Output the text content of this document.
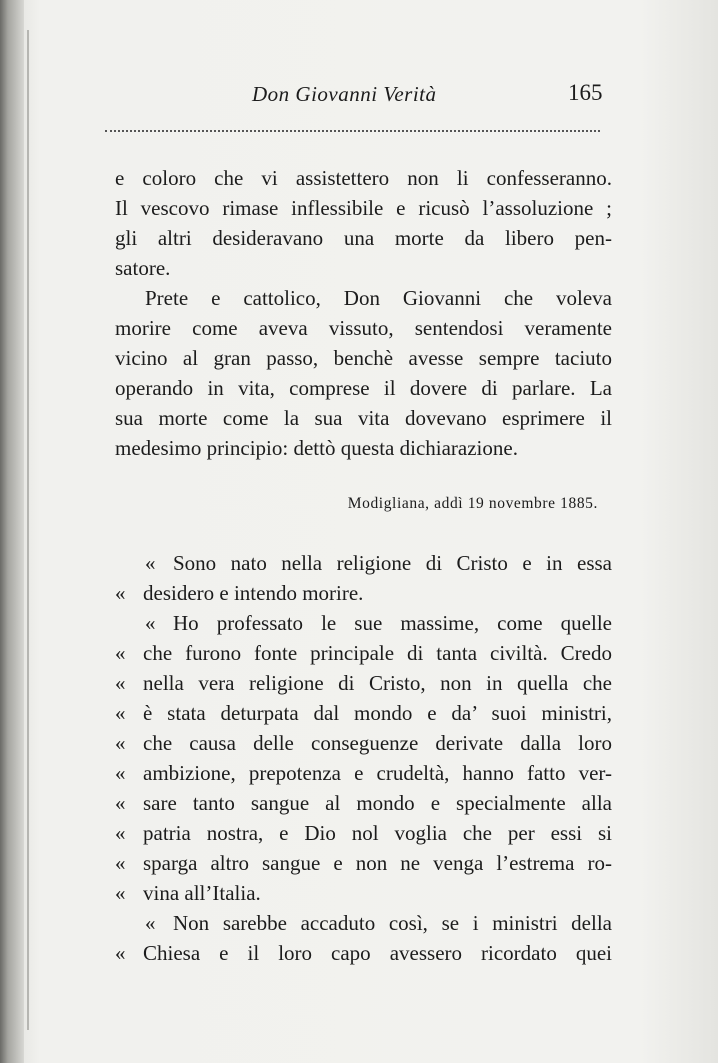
Don Giovanni Verità	165
e coloro che vi assistettero non li confesseranno.
Il vescovo rimase inflessibile e ricusò l’assoluzione ;
gli altri desideravano una morte da libero pen-
satore.
Prete e cattolico, Don Giovanni che voleva
morire come aveva vissuto, sentendosi veramente
vicino al gran passo, benchè avesse sempre taciuto
operando in vita, comprese il dovere di parlare. La
sua morte come la sua vita dovevano esprimere il
medesimo principio: dettò questa dichiarazione.
Modigliana, addì 19 novembre 1885.
« Sono nato nella religione di Cristo e in essa
« desidero e intendo morire.
« Ho professato le sue massime, come quelle
« che furono fonte principale di tanta civiltà. Credo
« nella vera religione di Cristo, non in quella che
« è stata deturpata dal mondo e da’ suoi ministri,
« che causa delle conseguenze derivate dalla loro
« ambizione, prepotenza e crudeltà, hanno fatto ver-
« sare tanto sangue al mondo e specialmente alla
« patria nostra, e Dio nol voglia che per essi si
« sparga altro sangue e non ne venga l’estrema ro-
« vina all’Italia.
« Non sarebbe accaduto così, se i ministri della
« Chiesa e il loro capo avessero ricordato quei
